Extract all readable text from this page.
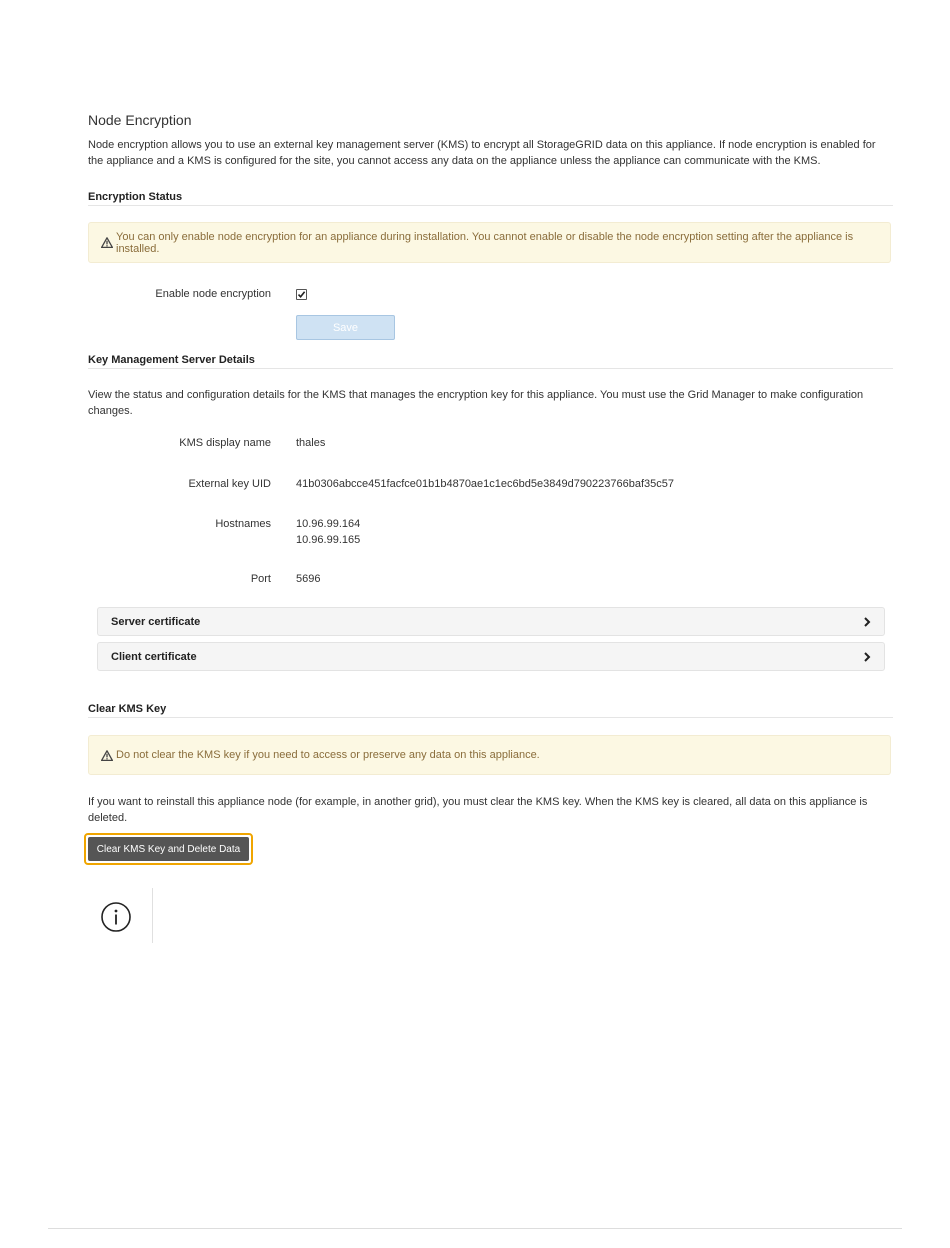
Node Encryption
Node encryption allows you to use an external key management server (KMS) to encrypt all StorageGRID data on this appliance. If node encryption is enabled for the appliance and a KMS is configured for the site, you cannot access any data on the appliance unless the appliance can communicate with the KMS.
Encryption Status
You can only enable node encryption for an appliance during installation. You cannot enable or disable the node encryption setting after the appliance is installed.
Enable node encryption
Save
Key Management Server Details
View the status and configuration details for the KMS that manages the encryption key for this appliance. You must use the Grid Manager to make configuration changes.
KMS display name thales
External key UID 41b0306abcce451facfce01b1b4870ae1c1ec6bd5e3849d790223766baf35c57
Hostnames 10.96.99.164
10.96.99.165
Port 5696
Server certificate
Client certificate
Clear KMS Key
Do not clear the KMS key if you need to access or preserve any data on this appliance.
If you want to reinstall this appliance node (for example, in another grid), you must clear the KMS key. When the KMS key is cleared, all data on this appliance is deleted.
Clear KMS Key and Delete Data
